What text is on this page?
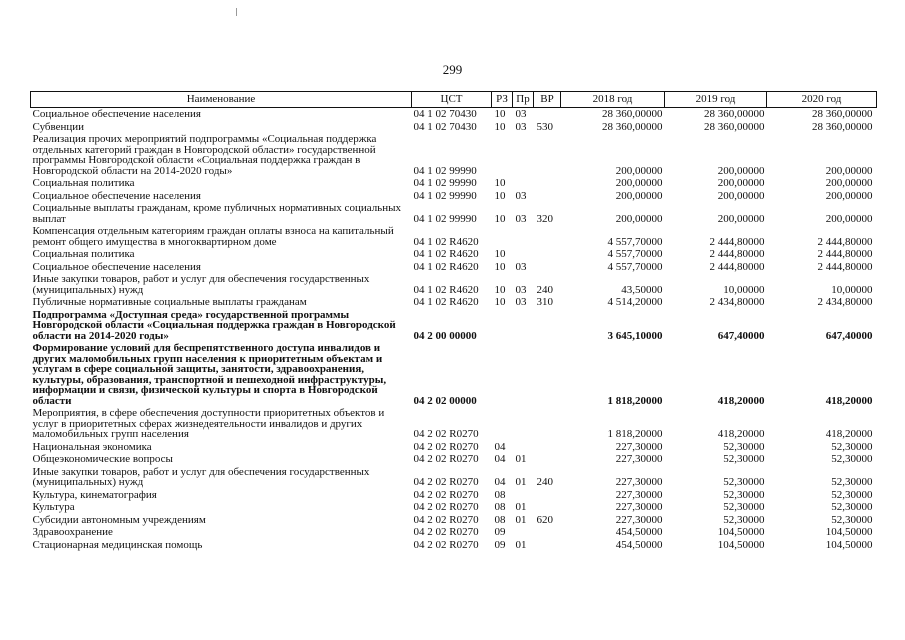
299
Наименование	ЦСТ	РЗ	Пр	ВР	2018 год	2019 год	2020 год
Социальное обеспечение населения	04 1 02 70430	10	03		28 360,00000	28 360,00000	28 360,00000
Субвенции	04 1 02 70430	10	03	530	28 360,00000	28 360,00000	28 360,00000
Реализация прочих мероприятий подпрограммы «Социальная поддержка отдельных категорий граждан в Новгородской области» государственной программы Новгородской области «Социальная поддержка граждан в Новгородской области на 2014-2020 годы»	04 1 02 99990				200,00000	200,00000	200,00000
Социальная политика	04 1 02 99990	10			200,00000	200,00000	200,00000
Социальное обеспечение населения	04 1 02 99990	10	03		200,00000	200,00000	200,00000
Социальные выплаты гражданам, кроме публичных нормативных социальных выплат	04 1 02 99990	10	03	320	200,00000	200,00000	200,00000
Компенсация отдельным категориям граждан оплаты взноса на капитальный ремонт общего имущества в многоквартирном доме	04 1 02 R4620				4 557,70000	2 444,80000	2 444,80000
Социальная политика	04 1 02 R4620	10			4 557,70000	2 444,80000	2 444,80000
Социальное обеспечение населения	04 1 02 R4620	10	03		4 557,70000	2 444,80000	2 444,80000
Иные закупки товаров, работ и услуг для обеспечения государственных (муниципальных) нужд	04 1 02 R4620	10	03	240	43,50000	10,00000	10,00000
Публичные нормативные социальные выплаты гражданам	04 1 02 R4620	10	03	310	4 514,20000	2 434,80000	2 434,80000
Подпрограмма «Доступная среда» государственной программы Новгородской области «Социальная поддержка граждан в Новгородской области на 2014-2020 годы»	04 2 00 00000				3 645,10000	647,40000	647,40000
Формирование условий для беспрепятственного доступа инвалидов и других маломобильных групп населения к приоритетным объектам и услугам в сфере социальной защиты, занятости, здравоохранения, культуры, образования, транспортной и пешеходной инфраструктуры, информации и связи, физической культуры и спорта в Новгородской области	04 2 02 00000				1 818,20000	418,20000	418,20000
Мероприятия, в сфере обеспечения доступности приоритетных объектов и услуг в приоритетных сферах жизнедеятельности инвалидов и других маломобильных групп населения	04 2 02 R0270				1 818,20000	418,20000	418,20000
Национальная экономика	04 2 02 R0270	04			227,30000	52,30000	52,30000
Общеэкономические вопросы	04 2 02 R0270	04	01		227,30000	52,30000	52,30000
Иные закупки товаров, работ и услуг для обеспечения государственных (муниципальных) нужд	04 2 02 R0270	04	01	240	227,30000	52,30000	52,30000
Культура, кинематография	04 2 02 R0270	08			227,30000	52,30000	52,30000
Культура	04 2 02 R0270	08	01		227,30000	52,30000	52,30000
Субсидии автономным учреждениям	04 2 02 R0270	08	01	620	227,30000	52,30000	52,30000
Здравоохранение	04 2 02 R0270	09			454,50000	104,50000	104,50000
Стационарная медицинская помощь	04 2 02 R0270	09	01		454,50000	104,50000	104,50000
